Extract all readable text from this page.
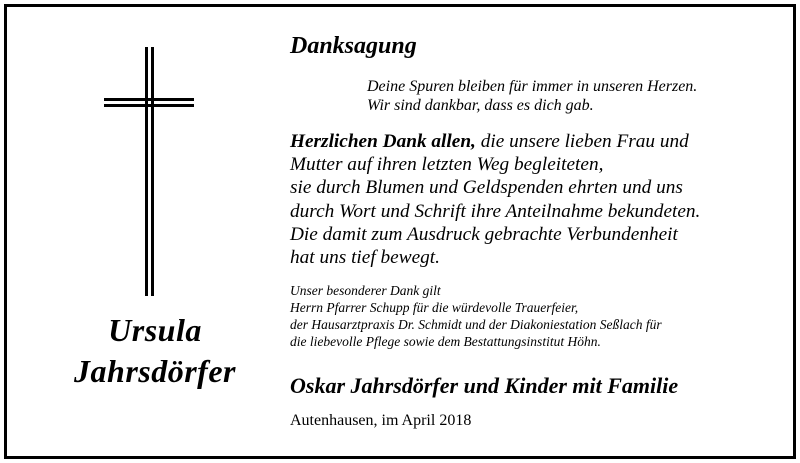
Ursula
Jahrsdörfer
Danksagung
Deine Spuren bleiben für immer in unseren Herzen.
Wir sind dankbar, dass es dich gab.
Herzlichen Dank allen, die unsere lieben Frau und
Mutter auf ihren letzten Weg begleiteten,
sie durch Blumen und Geldspenden ehrten und uns
durch Wort und Schrift ihre Anteilnahme bekundeten.
Die damit zum Ausdruck gebrachte Verbundenheit
hat uns tief bewegt.
Unser besonderer Dank gilt
Herrn Pfarrer Schupp für die würdevolle Trauerfeier,
der Hausarztpraxis Dr. Schmidt und der Diakoniestation Seßlach für
die liebevolle Pflege sowie dem Bestattungsinstitut Höhn.
Oskar Jahrsdörfer und Kinder mit Familie
Autenhausen, im April 2018
